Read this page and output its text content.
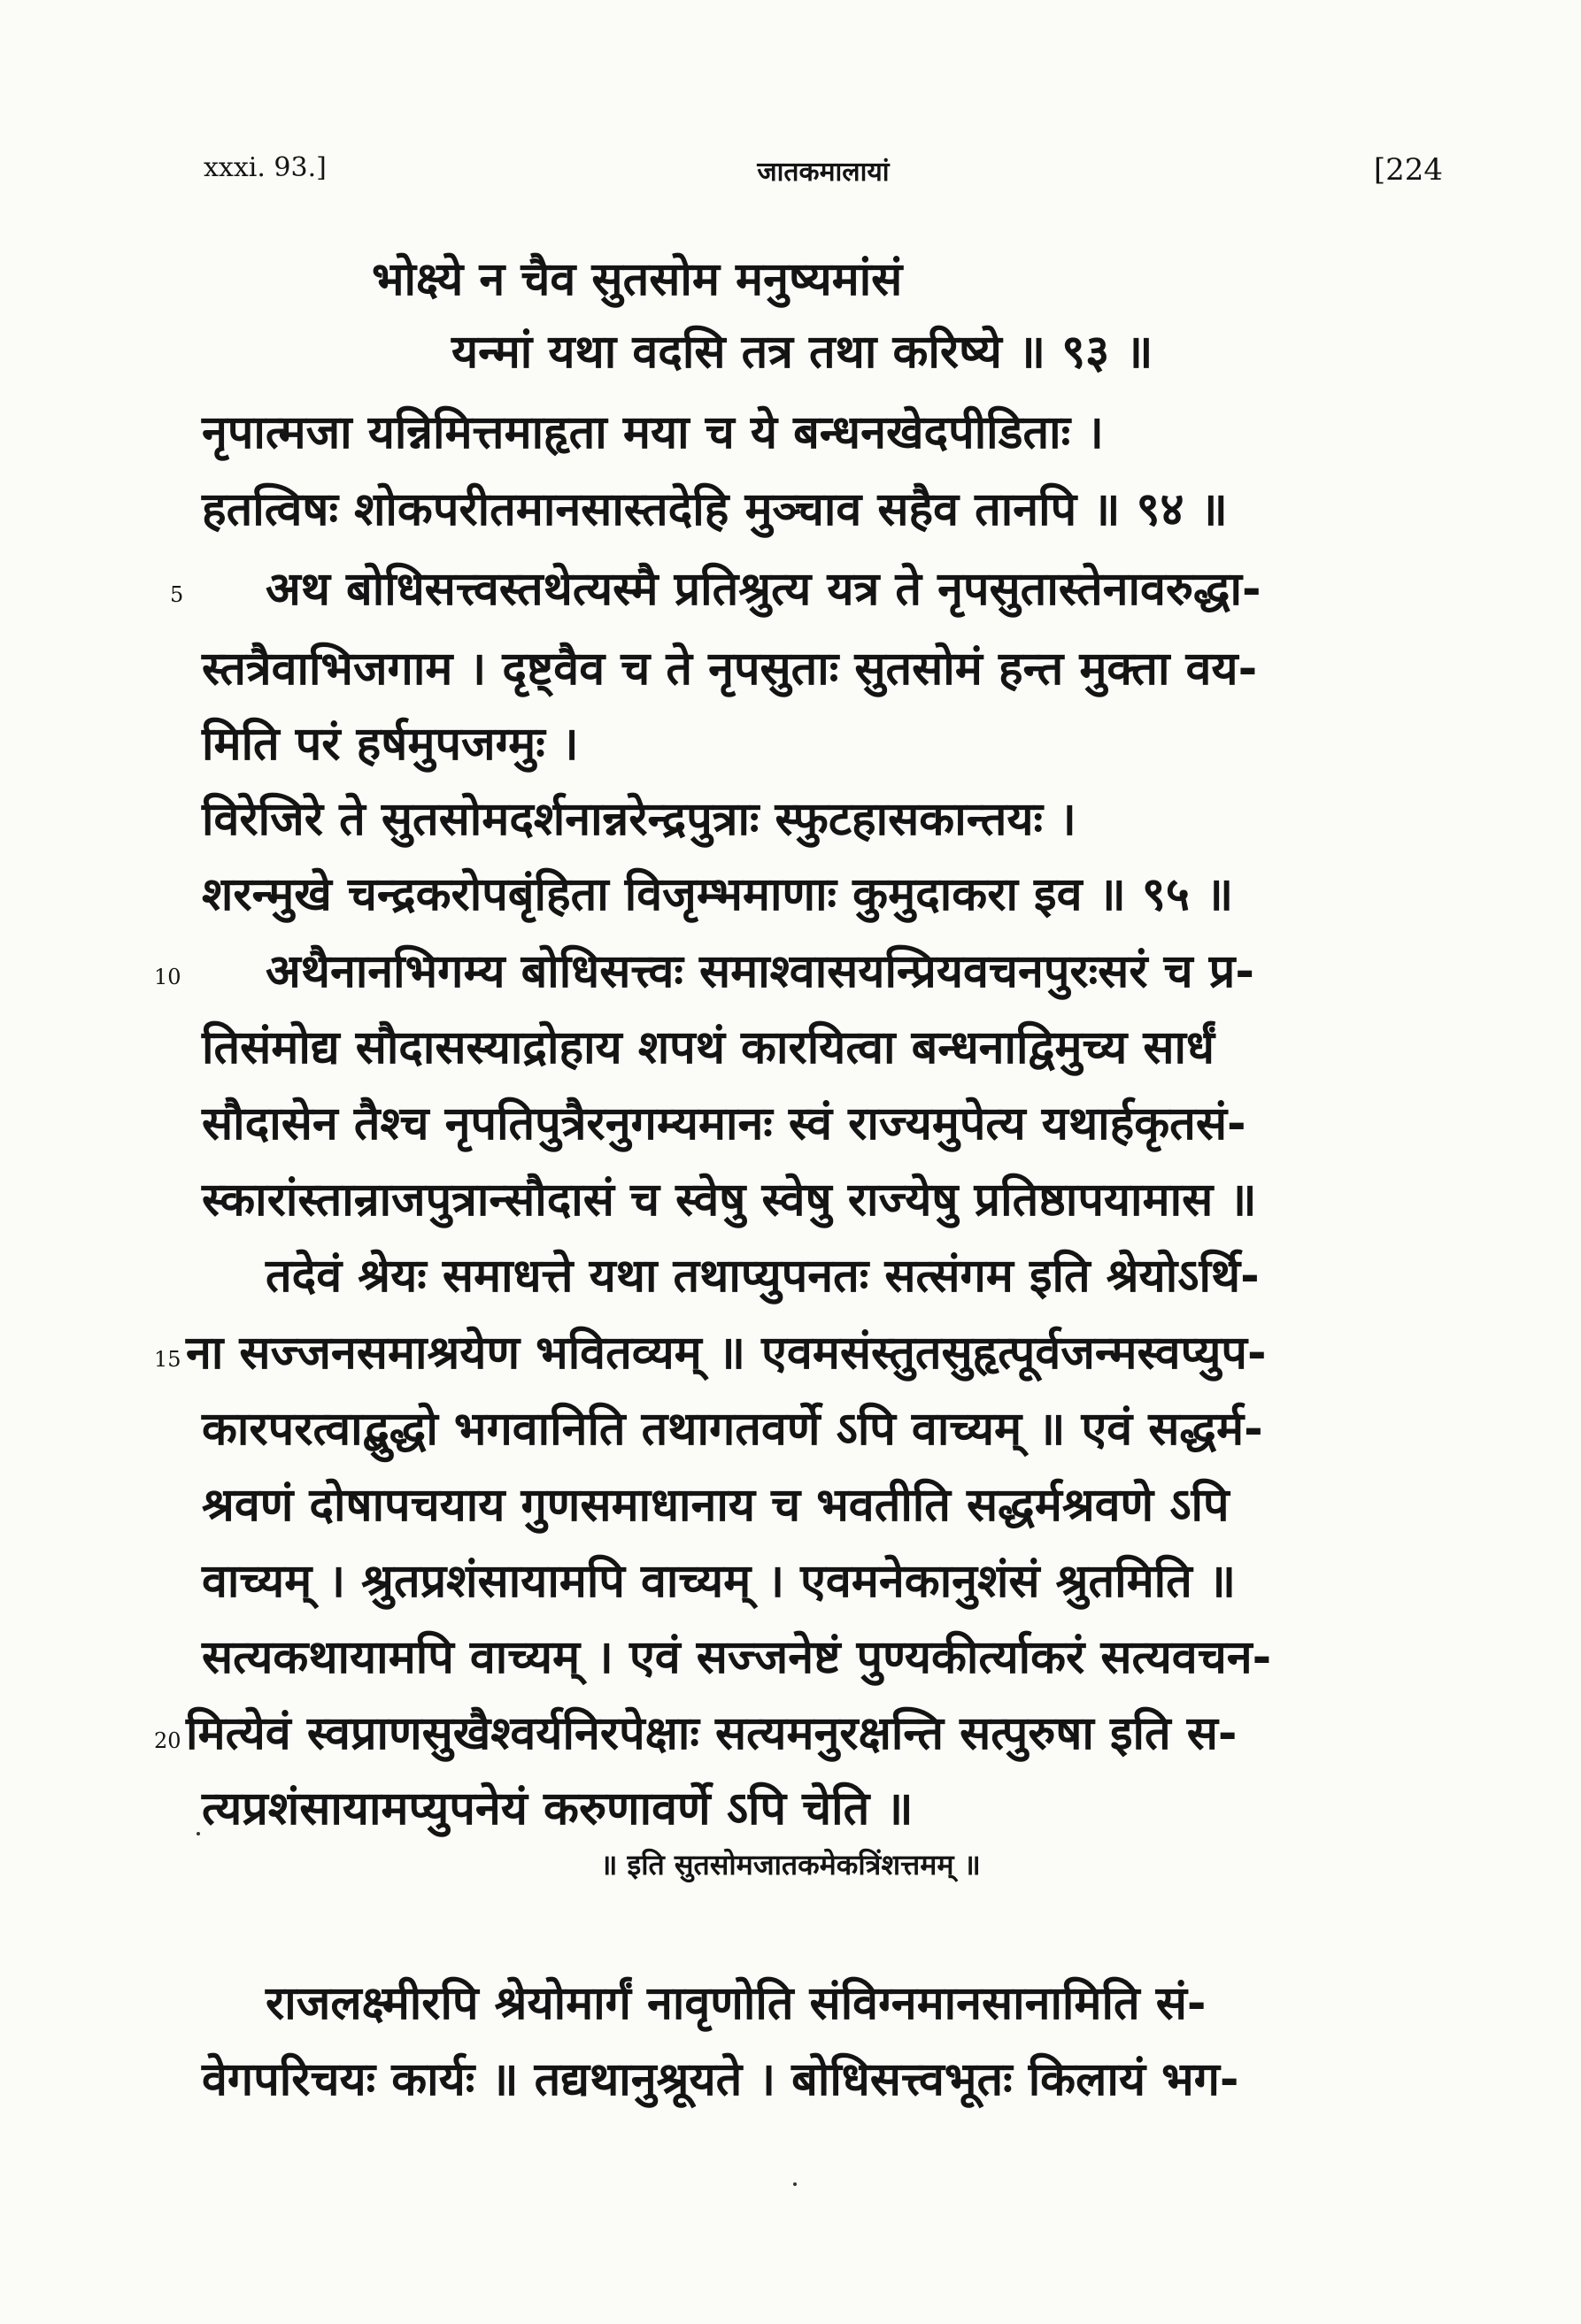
xxxi. 93.]	जातकमालायां	[224
भोक्ष्ये न चैव सुतसोम मनुष्यमांसं
यन्मां यथा वदसि तत्र तथा करिष्ये ॥ ९३ ॥
नृपात्मजा यन्निमित्तमाहृता मया च ये बन्धनखेदपीडिताः ।
हतत्विषः शोकपरीतमानसास्तदेहि मुञ्चाव सहैव तानपि ॥ ९४ ॥
5 अथ बोधिसत्त्वस्तथेत्यस्मै प्रतिश्रुत्य यत्र ते नृपसुतास्तेनावरुद्धा-
स्तत्रैवाभिजगाम । दृष्ट्वैव च ते नृपसुताः सुतसोमं हन्त मुक्ता वय-
मिति परं हर्षमुपजग्मुः ।
विरेजिरे ते सुतसोमदर्शनान्नरेन्द्रपुत्राः स्फुटहासकान्तयः ।
शरन्मुखे चन्द्रकरोपबृंहिता विजृम्भमाणाः कुमुदाकरा इव ॥ ९५ ॥
10 अथैनानभिगम्य बोधिसत्त्वः समाश्वासयन्प्रियवचनपुरःसरं च प्र-
तिसंमोद्य सौदासस्याद्रोहाय शपथं कारयित्वा बन्धनाद्विमुच्य सार्धं
सौदासेन तैश्च नृपतिपुत्रैरनुगम्यमानः स्वं राज्यमुपेत्य यथार्हकृतसं-
स्कारांस्तान्राजपुत्रान्सौदासं च स्वेषु स्वेषु राज्येषु प्रतिष्ठापयामास ॥
तदेवं श्रेयः समाधत्ते यथा तथाप्युपनतः सत्संगम इति श्रेयोऽर्थि-
15 ना सज्जनसमाश्रयेण भवितव्यम् ॥ एवमसंस्तुतसुहृत्पूर्वजन्मस्वप्युप-
कारपरत्वाद्बुद्धो भगवानिति तथागतवर्णे ऽपि वाच्यम् ॥ एवं सद्धर्म-
श्रवणं दोषापचयाय गुणसमाधानाय च भवतीति सद्धर्मश्रवणे ऽपि
वाच्यम् । श्रुतप्रशंसायामपि वाच्यम् । एवमनेकानुशंसं श्रुतमिति ॥
सत्यकथायामपि वाच्यम् । एवं सज्जनेष्टं पुण्यकीर्त्याकरं सत्यवचन-
20 मित्येवं स्वप्राणसुखैश्वर्यनिरपेक्षाः सत्यमनुरक्षन्ति सत्पुरुषा इति स-
त्यप्रशंसायामप्युपनेयं करुणावर्णे ऽपि चेति ॥
॥ इति सुतसोमजातकमेकत्रिंशत्तमम् ॥
राजलक्ष्मीरपि श्रेयोमार्गं नावृणोति संविग्नमानसानामिति सं-
वेगपरिचयः कार्यः ॥ तद्यथानुश्रूयते । बोधिसत्त्वभूतः किलायं भग-
